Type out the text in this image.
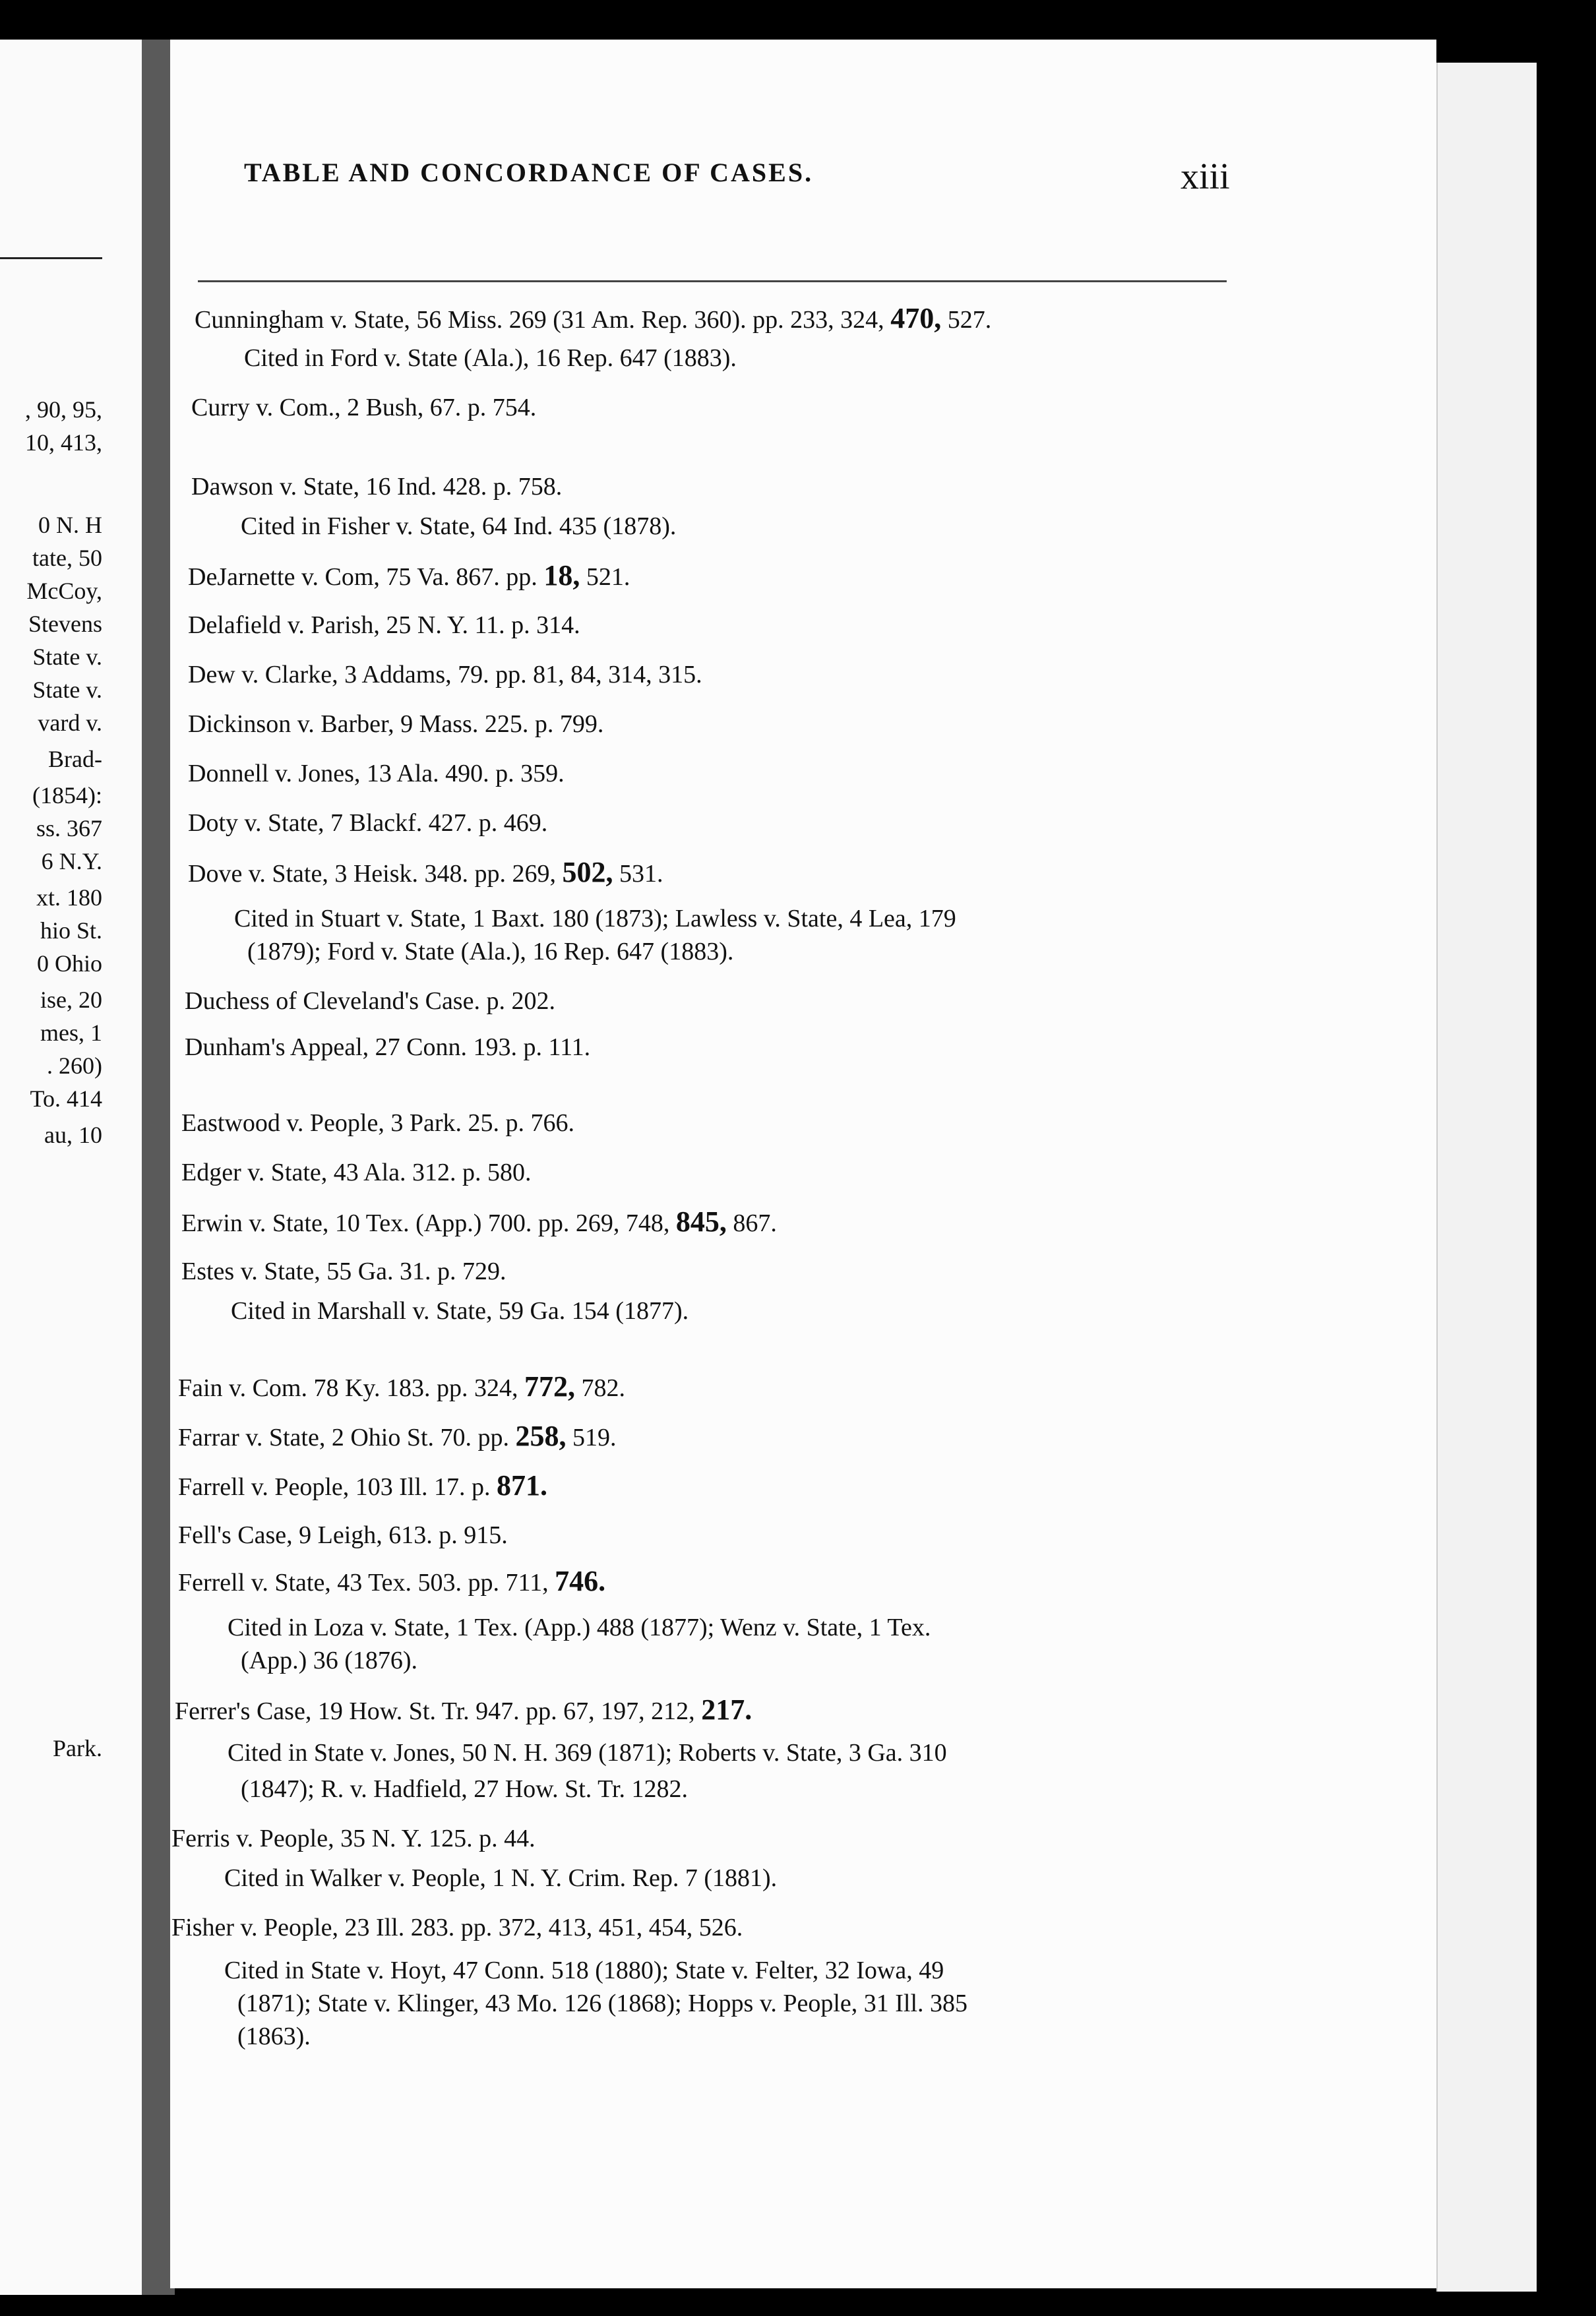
, 90, 95,
10, 413,
0 N. H
tate, 50
McCoy,
Stevens
State v.
State v.
vard v.
Brad-
(1854):
ss. 367
6 N.Y.
xt. 180
hio St.
0 Ohio
ise, 20
mes, 1
. 260)
To. 414
au, 10
Park.
TABLE AND CONCORDANCE OF CASES.	xiii
Cunningham v. State, 56 Miss. 269 (31 Am. Rep. 360). pp. 233, 324, 470, 527.
Cited in Ford v. State (Ala.), 16 Rep. 647 (1883).
Curry v. Com., 2 Bush, 67. p. 754.
Dawson v. State, 16 Ind. 428. p. 758.
Cited in Fisher v. State, 64 Ind. 435 (1878).
DeJarnette v. Com, 75 Va. 867. pp. 18, 521.
Delafield v. Parish, 25 N. Y. 11. p. 314.
Dew v. Clarke, 3 Addams, 79. pp. 81, 84, 314, 315.
Dickinson v. Barber, 9 Mass. 225. p. 799.
Donnell v. Jones, 13 Ala. 490. p. 359.
Doty v. State, 7 Blackf. 427. p. 469.
Dove v. State, 3 Heisk. 348. pp. 269, 502, 531.
Cited in Stuart v. State, 1 Baxt. 180 (1873); Lawless v. State, 4 Lea, 179
(1879); Ford v. State (Ala.), 16 Rep. 647 (1883).
Duchess of Cleveland's Case. p. 202.
Dunham's Appeal, 27 Conn. 193. p. 111.
Eastwood v. People, 3 Park. 25. p. 766.
Edger v. State, 43 Ala. 312. p. 580.
Erwin v. State, 10 Tex. (App.) 700. pp. 269, 748, 845, 867.
Estes v. State, 55 Ga. 31. p. 729.
Cited in Marshall v. State, 59 Ga. 154 (1877).
Fain v. Com. 78 Ky. 183. pp. 324, 772, 782.
Farrar v. State, 2 Ohio St. 70. pp. 258, 519.
Farrell v. People, 103 Ill. 17. p. 871.
Fell's Case, 9 Leigh, 613. p. 915.
Ferrell v. State, 43 Tex. 503. pp. 711, 746.
Cited in Loza v. State, 1 Tex. (App.) 488 (1877); Wenz v. State, 1 Tex.
(App.) 36 (1876).
Ferrer's Case, 19 How. St. Tr. 947. pp. 67, 197, 212, 217.
Cited in State v. Jones, 50 N. H. 369 (1871); Roberts v. State, 3 Ga. 310
(1847); R. v. Hadfield, 27 How. St. Tr. 1282.
Ferris v. People, 35 N. Y. 125. p. 44.
Cited in Walker v. People, 1 N. Y. Crim. Rep. 7 (1881).
Fisher v. People, 23 Ill. 283. pp. 372, 413, 451, 454, 526.
Cited in State v. Hoyt, 47 Conn. 518 (1880); State v. Felter, 32 Iowa, 49
(1871); State v. Klinger, 43 Mo. 126 (1868); Hopps v. People, 31 Ill. 385
(1863).
